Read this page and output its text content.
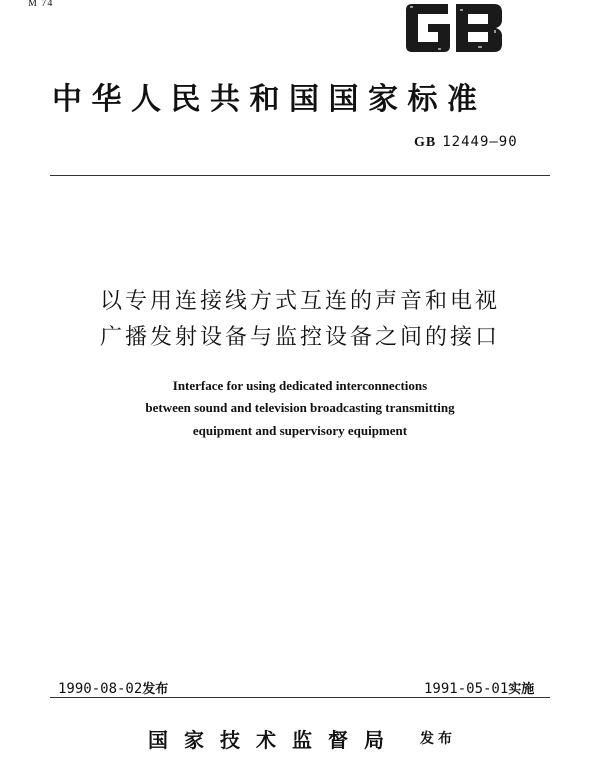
M 74
中华人民共和国国家标准
GB 12449—90
以专用连接线方式互连的声音和电视
广播发射设备与监控设备之间的接口
Interface for using dedicated interconnections
between sound and television broadcasting transmitting
equipment and supervisory equipment
1990-08-02发布	1991-05-01实施
国家技术监督局 发布
